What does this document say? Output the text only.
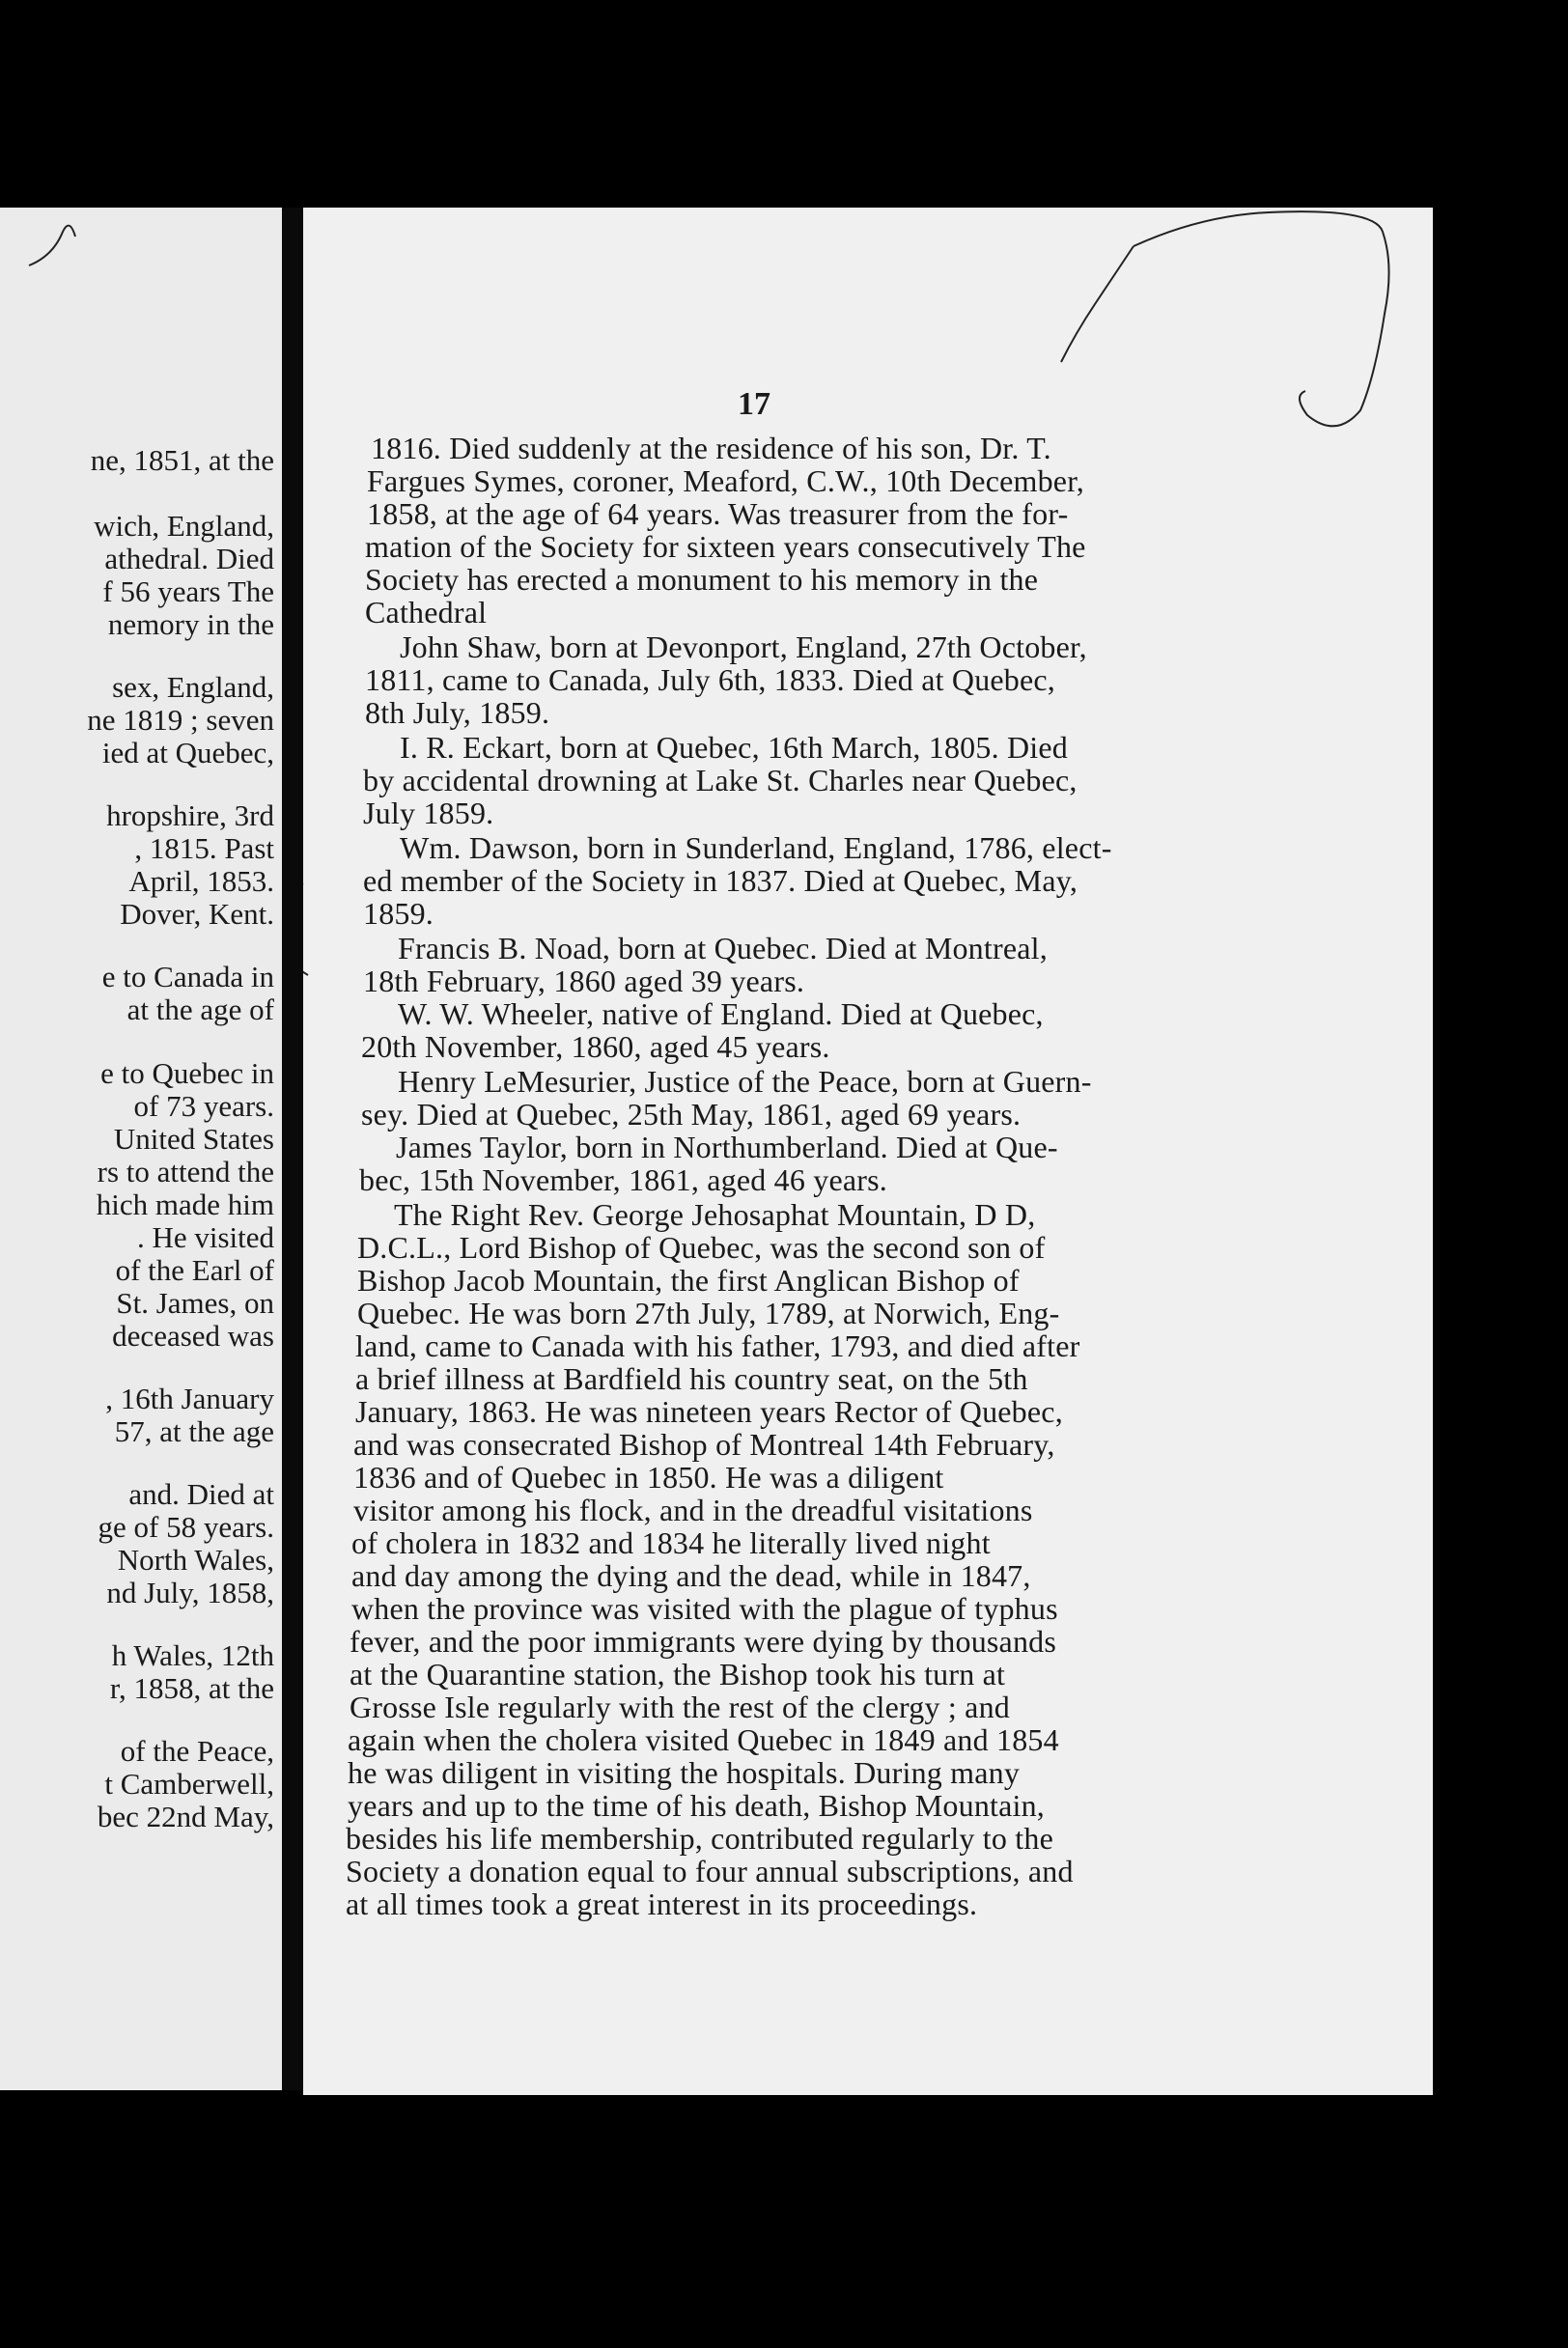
ne, 1851, at the
wich, England,
athedral. Died
f 56 years The
nemory in the
sex, England,
ne 1819 ; seven
ied at Quebec,
hropshire, 3rd
, 1815. Past
April, 1853.
Dover, Kent.
e to Canada in
at the age of
e to Quebec in
of 73 years.
United States
rs to attend the
hich made him
. He visited
of the Earl of
St. James, on
deceased was
, 16th January
57, at the age
and. Died at
ge of 58 years.
North Wales,
nd July, 1858,
h Wales, 12th
r, 1858, at the
of the Peace,
t Camberwell,
bec 22nd May,
17
1816. Died suddenly at the residence of his son, Dr. T.
Fargues Symes, coroner, Meaford, C.W., 10th December,
1858, at the age of 64 years. Was treasurer from the for-
mation of the Society for sixteen years consecutively The
Society has erected a monument to his memory in the
Cathedral
John Shaw, born at Devonport, England, 27th October,
1811, came to Canada, July 6th, 1833. Died at Quebec,
8th July, 1859.
I. R. Eckart, born at Quebec, 16th March, 1805. Died
by accidental drowning at Lake St. Charles near Quebec,
July 1859.
Wm. Dawson, born in Sunderland, England, 1786, elect-
ed member of the Society in 1837. Died at Quebec, May,
1859.
Francis B. Noad, born at Quebec. Died at Montreal,
18th February, 1860 aged 39 years.
W. W. Wheeler, native of England. Died at Quebec,
20th November, 1860, aged 45 years.
Henry LeMesurier, Justice of the Peace, born at Guern-
sey. Died at Quebec, 25th May, 1861, aged 69 years.
James Taylor, born in Northumberland. Died at Que-
bec, 15th November, 1861, aged 46 years.
The Right Rev. George Jehosaphat Mountain, D D,
D.C.L., Lord Bishop of Quebec, was the second son of
Bishop Jacob Mountain, the first Anglican Bishop of
Quebec. He was born 27th July, 1789, at Norwich, Eng-
land, came to Canada with his father, 1793, and died after
a brief illness at Bardfield his country seat, on the 5th
January, 1863. He was nineteen years Rector of Quebec,
and was consecrated Bishop of Montreal 14th February,
1836 and of Quebec in 1850. He was a diligent
visitor among his flock, and in the dreadful visitations
of cholera in 1832 and 1834 he literally lived night
and day among the dying and the dead, while in 1847,
when the province was visited with the plague of typhus
fever, and the poor immigrants were dying by thousands
at the Quarantine station, the Bishop took his turn at
Grosse Isle regularly with the rest of the clergy ; and
again when the cholera visited Quebec in 1849 and 1854
he was diligent in visiting the hospitals. During many
years and up to the time of his death, Bishop Mountain,
besides his life membership, contributed regularly to the
Society a donation equal to four annual subscriptions, and
at all times took a great interest in its proceedings.
